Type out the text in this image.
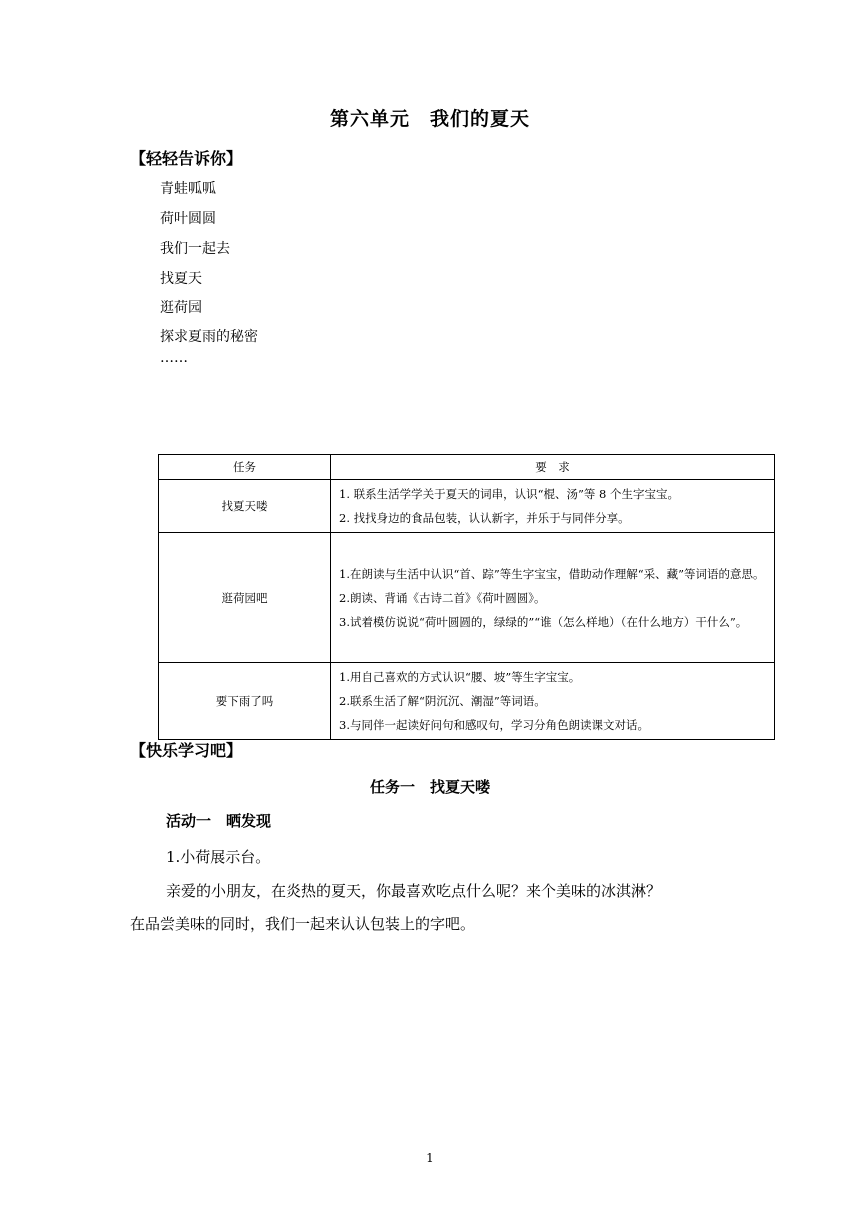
第六单元　我们的夏天
【轻轻告诉你】
青蛙呱呱
荷叶圆圆
我们一起去
找夏天
逛荷园
探求夏雨的秘密
……
任务	要　求
找夏天喽	1. 联系生活学学关于夏天的词串，认识“棍、汤”等 8 个生字宝宝。
2. 找找身边的食品包装，认认新字，并乐于与同伴分享。

逛荷园吧	1.在朗读与生活中认识“首、踪”等生字宝宝，借助动作理解“采、藏”等词语的意思。
2.朗读、背诵《古诗二首》《荷叶圆圆》。
3.试着模仿说说“荷叶圆圆的，绿绿的”“谁（怎么样地）（在什么地方）干什么”。

要下雨了吗	1.用自己喜欢的方式认识“腰、坡”等生字宝宝。
2.联系生活了解“阴沉沉、潮湿”等词语。
3.与同伴一起读好问句和感叹句，学习分角色朗读课文对话。
【快乐学习吧】
任务一　找夏天喽
活动一　晒发现
1.小荷展示台。
亲爱的小朋友，在炎热的夏天，你最喜欢吃点什么呢？来个美味的冰淇淋？
在品尝美味的同时，我们一起来认认包装上的字吧。
1
